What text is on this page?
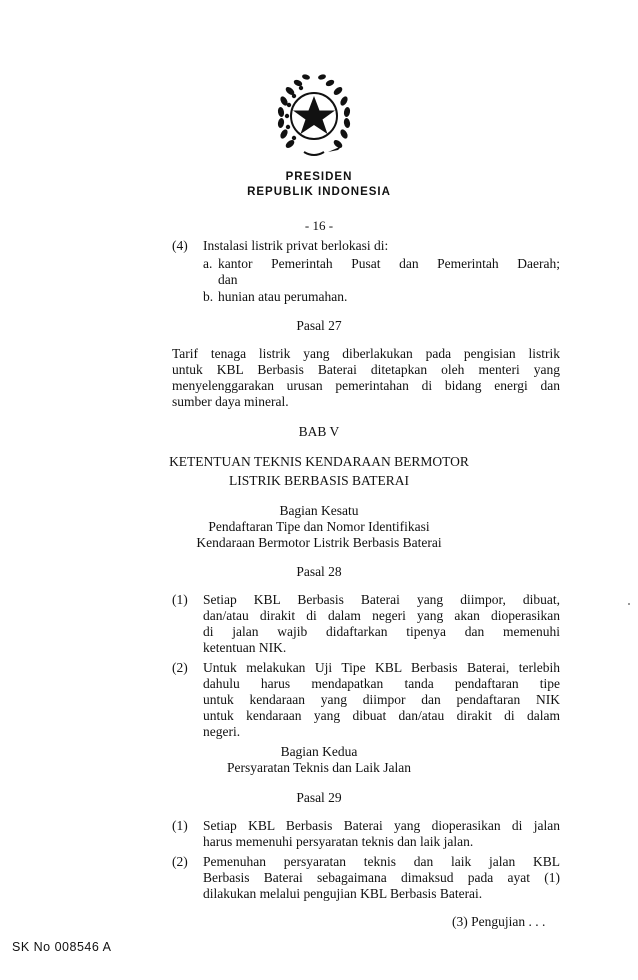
PRESIDEN
REPUBLIK INDONESIA
- 16 -
(4) Instalasi listrik privat berlokasi di:
a. kantor Pemerintah Pusat dan Pemerintah Daerah;
dan
b. hunian atau perumahan.
Pasal 27
Tarif tenaga listrik yang diberlakukan pada pengisian listrik
untuk KBL Berbasis Baterai ditetapkan oleh menteri yang
menyelenggarakan urusan pemerintahan di bidang energi dan
sumber daya mineral.
BAB V
KETENTUAN TEKNIS KENDARAAN BERMOTOR
LISTRIK BERBASIS BATERAI
Bagian Kesatu
Pendaftaran Tipe dan Nomor Identifikasi
Kendaraan Bermotor Listrik Berbasis Baterai
Pasal 28
(1) Setiap KBL Berbasis Baterai yang diimpor, dibuat,
dan/atau dirakit di dalam negeri yang akan dioperasikan
di jalan wajib didaftarkan tipenya dan memenuhi
ketentuan NIK.
(2) Untuk melakukan Uji Tipe KBL Berbasis Baterai, terlebih
dahulu harus mendapatkan tanda pendaftaran tipe
untuk kendaraan yang diimpor dan pendaftaran NIK
untuk kendaraan yang dibuat dan/atau dirakit di dalam
negeri.
Bagian Kedua
Persyaratan Teknis dan Laik Jalan
Pasal 29
(1) Setiap KBL Berbasis Baterai yang dioperasikan di jalan
harus memenuhi persyaratan teknis dan laik jalan.
(2) Pemenuhan persyaratan teknis dan laik jalan KBL
Berbasis Baterai sebagaimana dimaksud pada ayat (1)
dilakukan melalui pengujian KBL Berbasis Baterai.
(3) Pengujian . . .
SK No 008546 A
